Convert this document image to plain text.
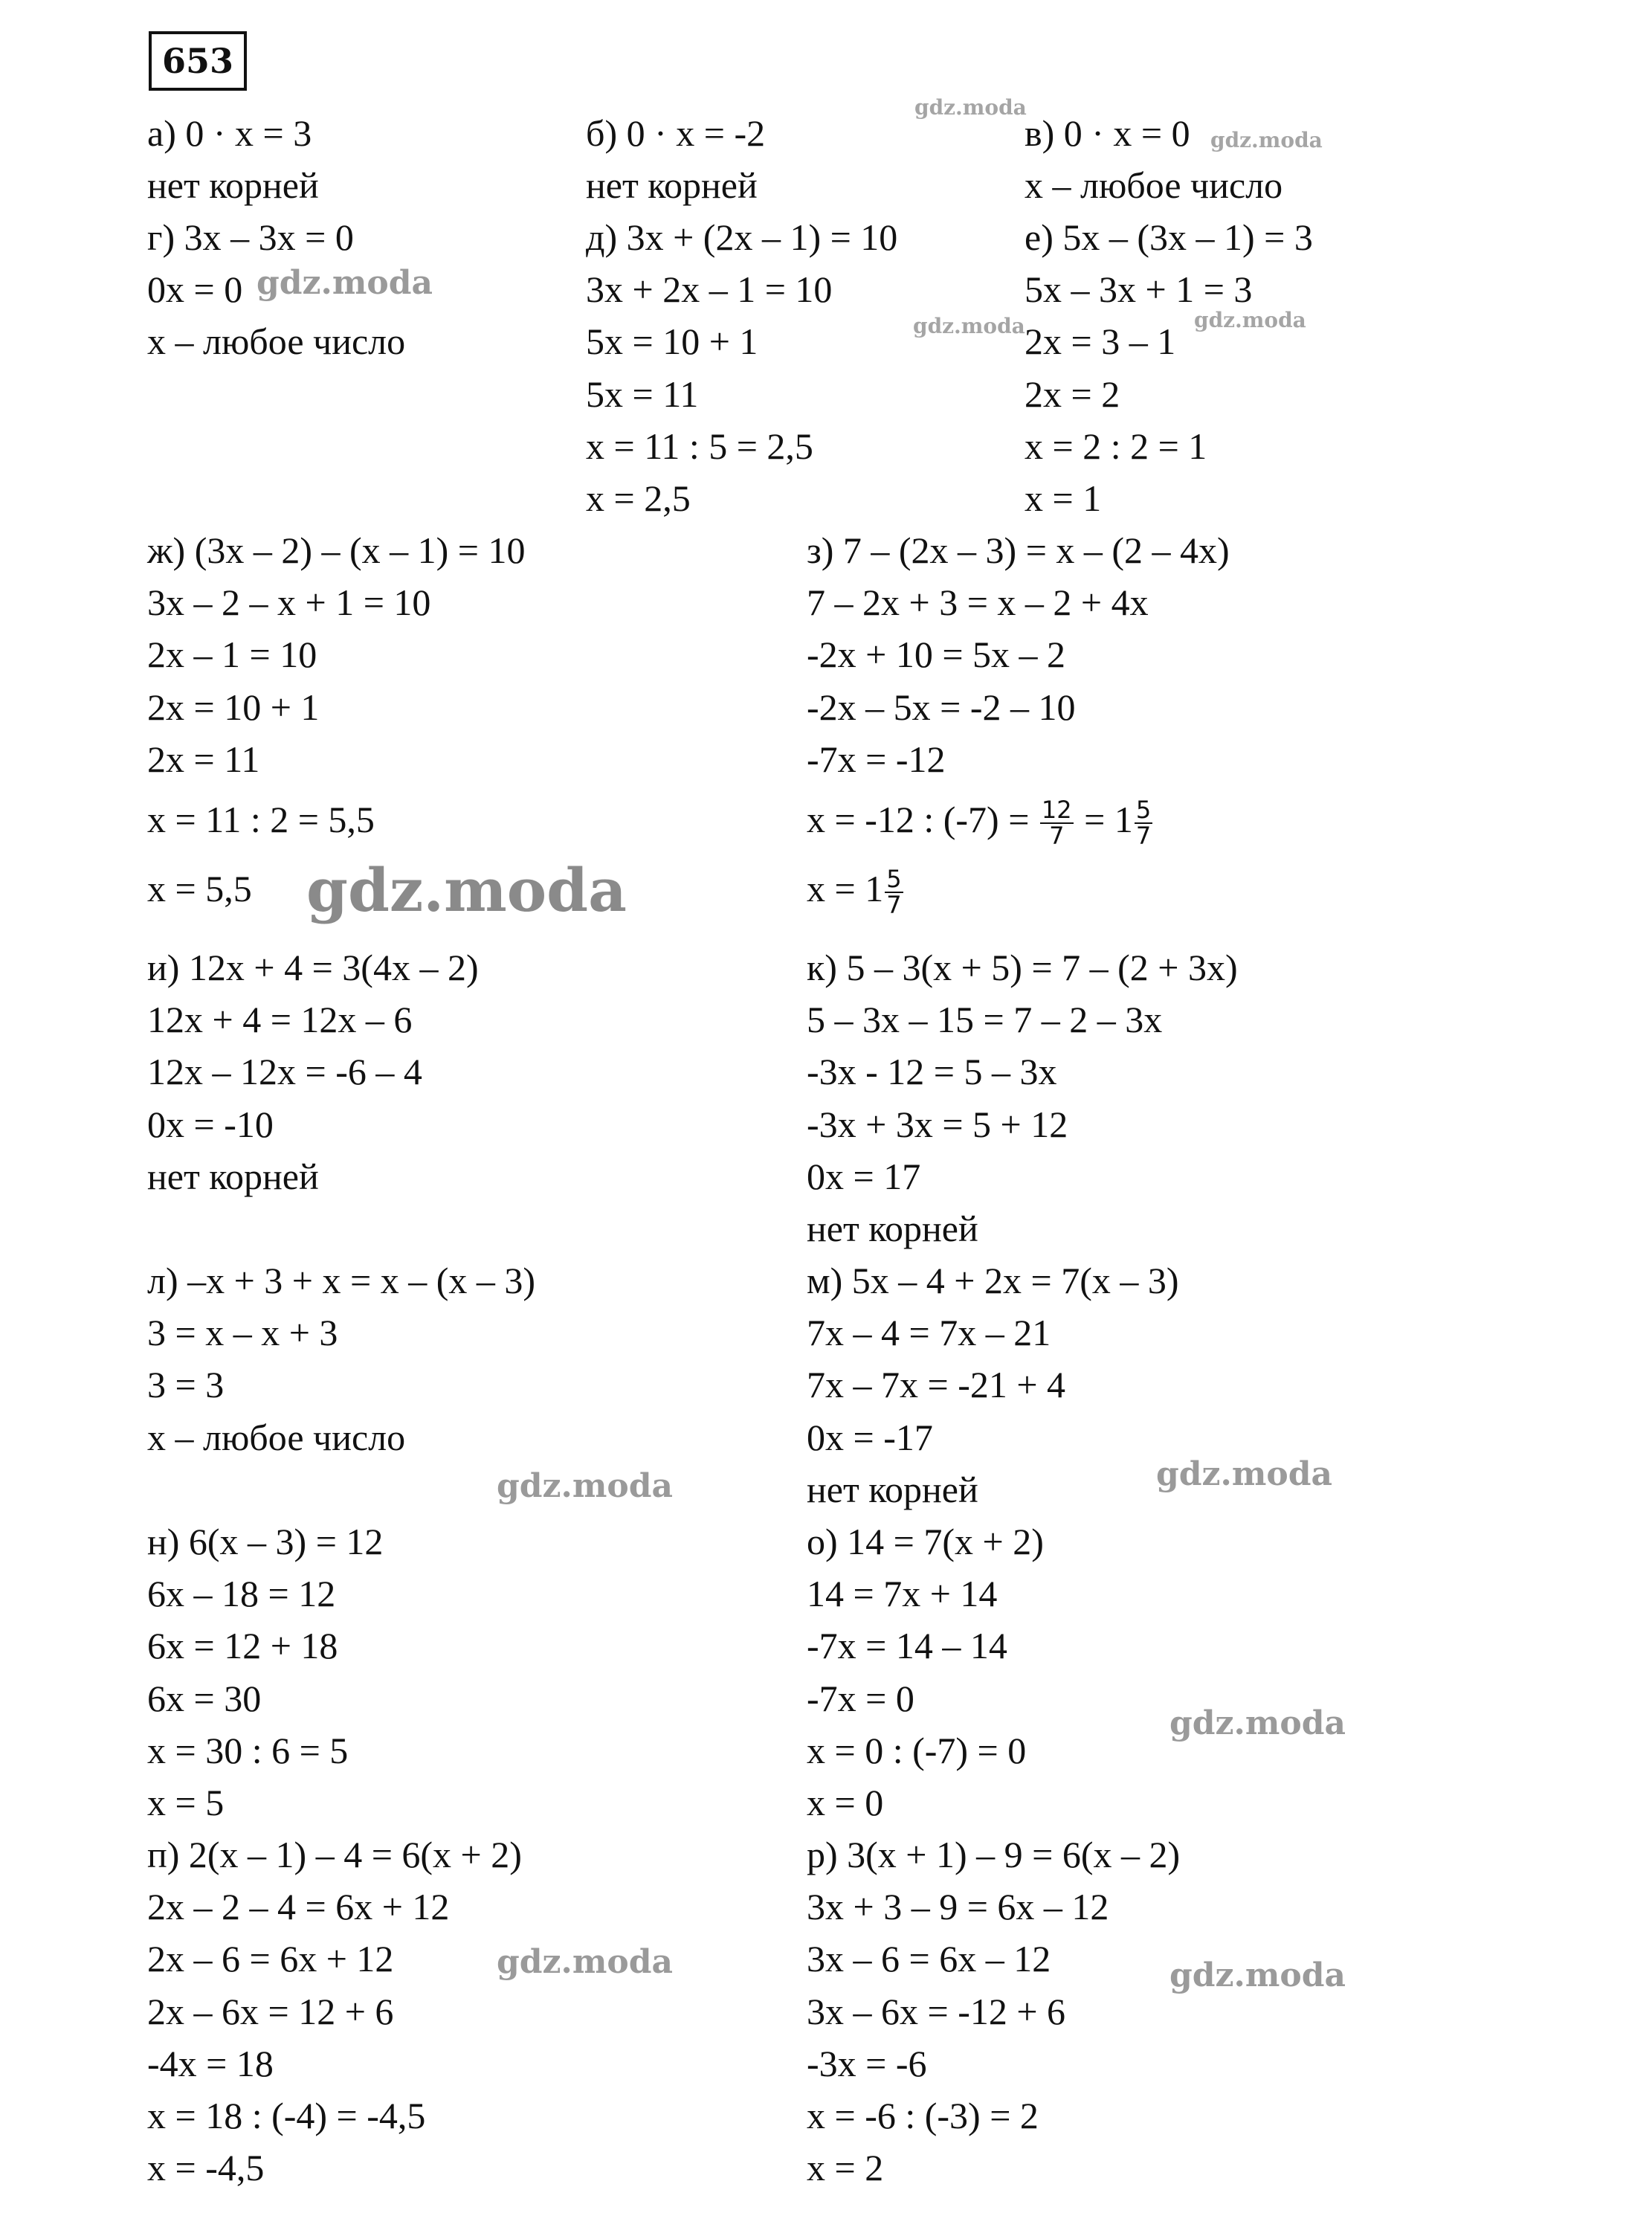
653
а) 0 · x = 3
нет корней
б) 0 · x = -2
нет корней
в) 0 · x = 0
x – любое число
г) 3x – 3x = 0
0x = 0
x – любое число
д) 3x + (2x – 1) = 10
3x + 2x – 1 = 10
5x = 10 + 1
5x = 11
x = 11 : 5 = 2,5
x = 2,5
е) 5x – (3x – 1) = 3
5x – 3x + 1 = 3
2x = 3 – 1
2x = 2
x = 2 : 2 = 1
x = 1
ж) (3x – 2) – (x – 1) = 10
3x – 2 – x + 1 = 10
2x – 1 = 10
2x = 10 + 1
2x = 11
x = 11 : 2 = 5,5
x = 5,5
з) 7 – (2x – 3) = x – (2 – 4x)
7 – 2x + 3 = x – 2 + 4x
-2x + 10 = 5x – 2
-2x – 5x = -2 – 10
-7x = -12
x = -12 : $(-7) = \frac{12}{7} = 1 \frac{5}{7}$
$x = 1 \frac{5}{7}$
и) 12x + 4 = 3(4x – 2)
12x + 4 = 12x – 6
12x – 12x = -6 – 4
0x = -10
нет корней
к) 5 – 3(x + 5) = 7 – (2 + 3x)
5 – 3x – 15 = 7 – 2 – 3x
-3x - 12 = 5 – 3x
-3x + 3x = 5 + 12
0x = 17
нет корней
л) –x + 3 + x = x – (x – 3)
3 = x – x + 3
3 = 3
x – любое число
м) 5x – 4 + 2x = 7(x – 3)
7x – 4 = 7x – 21
7x – 7x = -21 + 4
0x = -17
нет корней
н) 6(x – 3) = 12
6x – 18 = 12
6x = 12 + 18
6x = 30
x = 30 : 6 = 5
x = 5
о) 14 = 7(x + 2)
14 = 7x + 14
-7x = 14 – 14
-7x = 0
x = 0 : (-7) = 0
x = 0
п) 2(x – 1) – 4 = 6(x + 2)
2x – 2 – 4 = 6x + 12
2x – 6 = 6x + 12
2x – 6x = 12 + 6
-4x = 18
x = 18 : (-4) = -4,5
x = -4,5
р) 3(x + 1) – 9 = 6(x – 2)
3x + 3 – 9 = 6x – 12
3x – 6 = 6x – 12
3x – 6x = -12 + 6
-3x = -6
x = -6 : (-3) = 2
x = 2
gdz.moda
gdz.moda
gdz.moda
gdz.moda	gdz.moda
gdz.moda
gdz.moda
gdz.moda
gdz.moda
gdz.moda	gdz.moda
